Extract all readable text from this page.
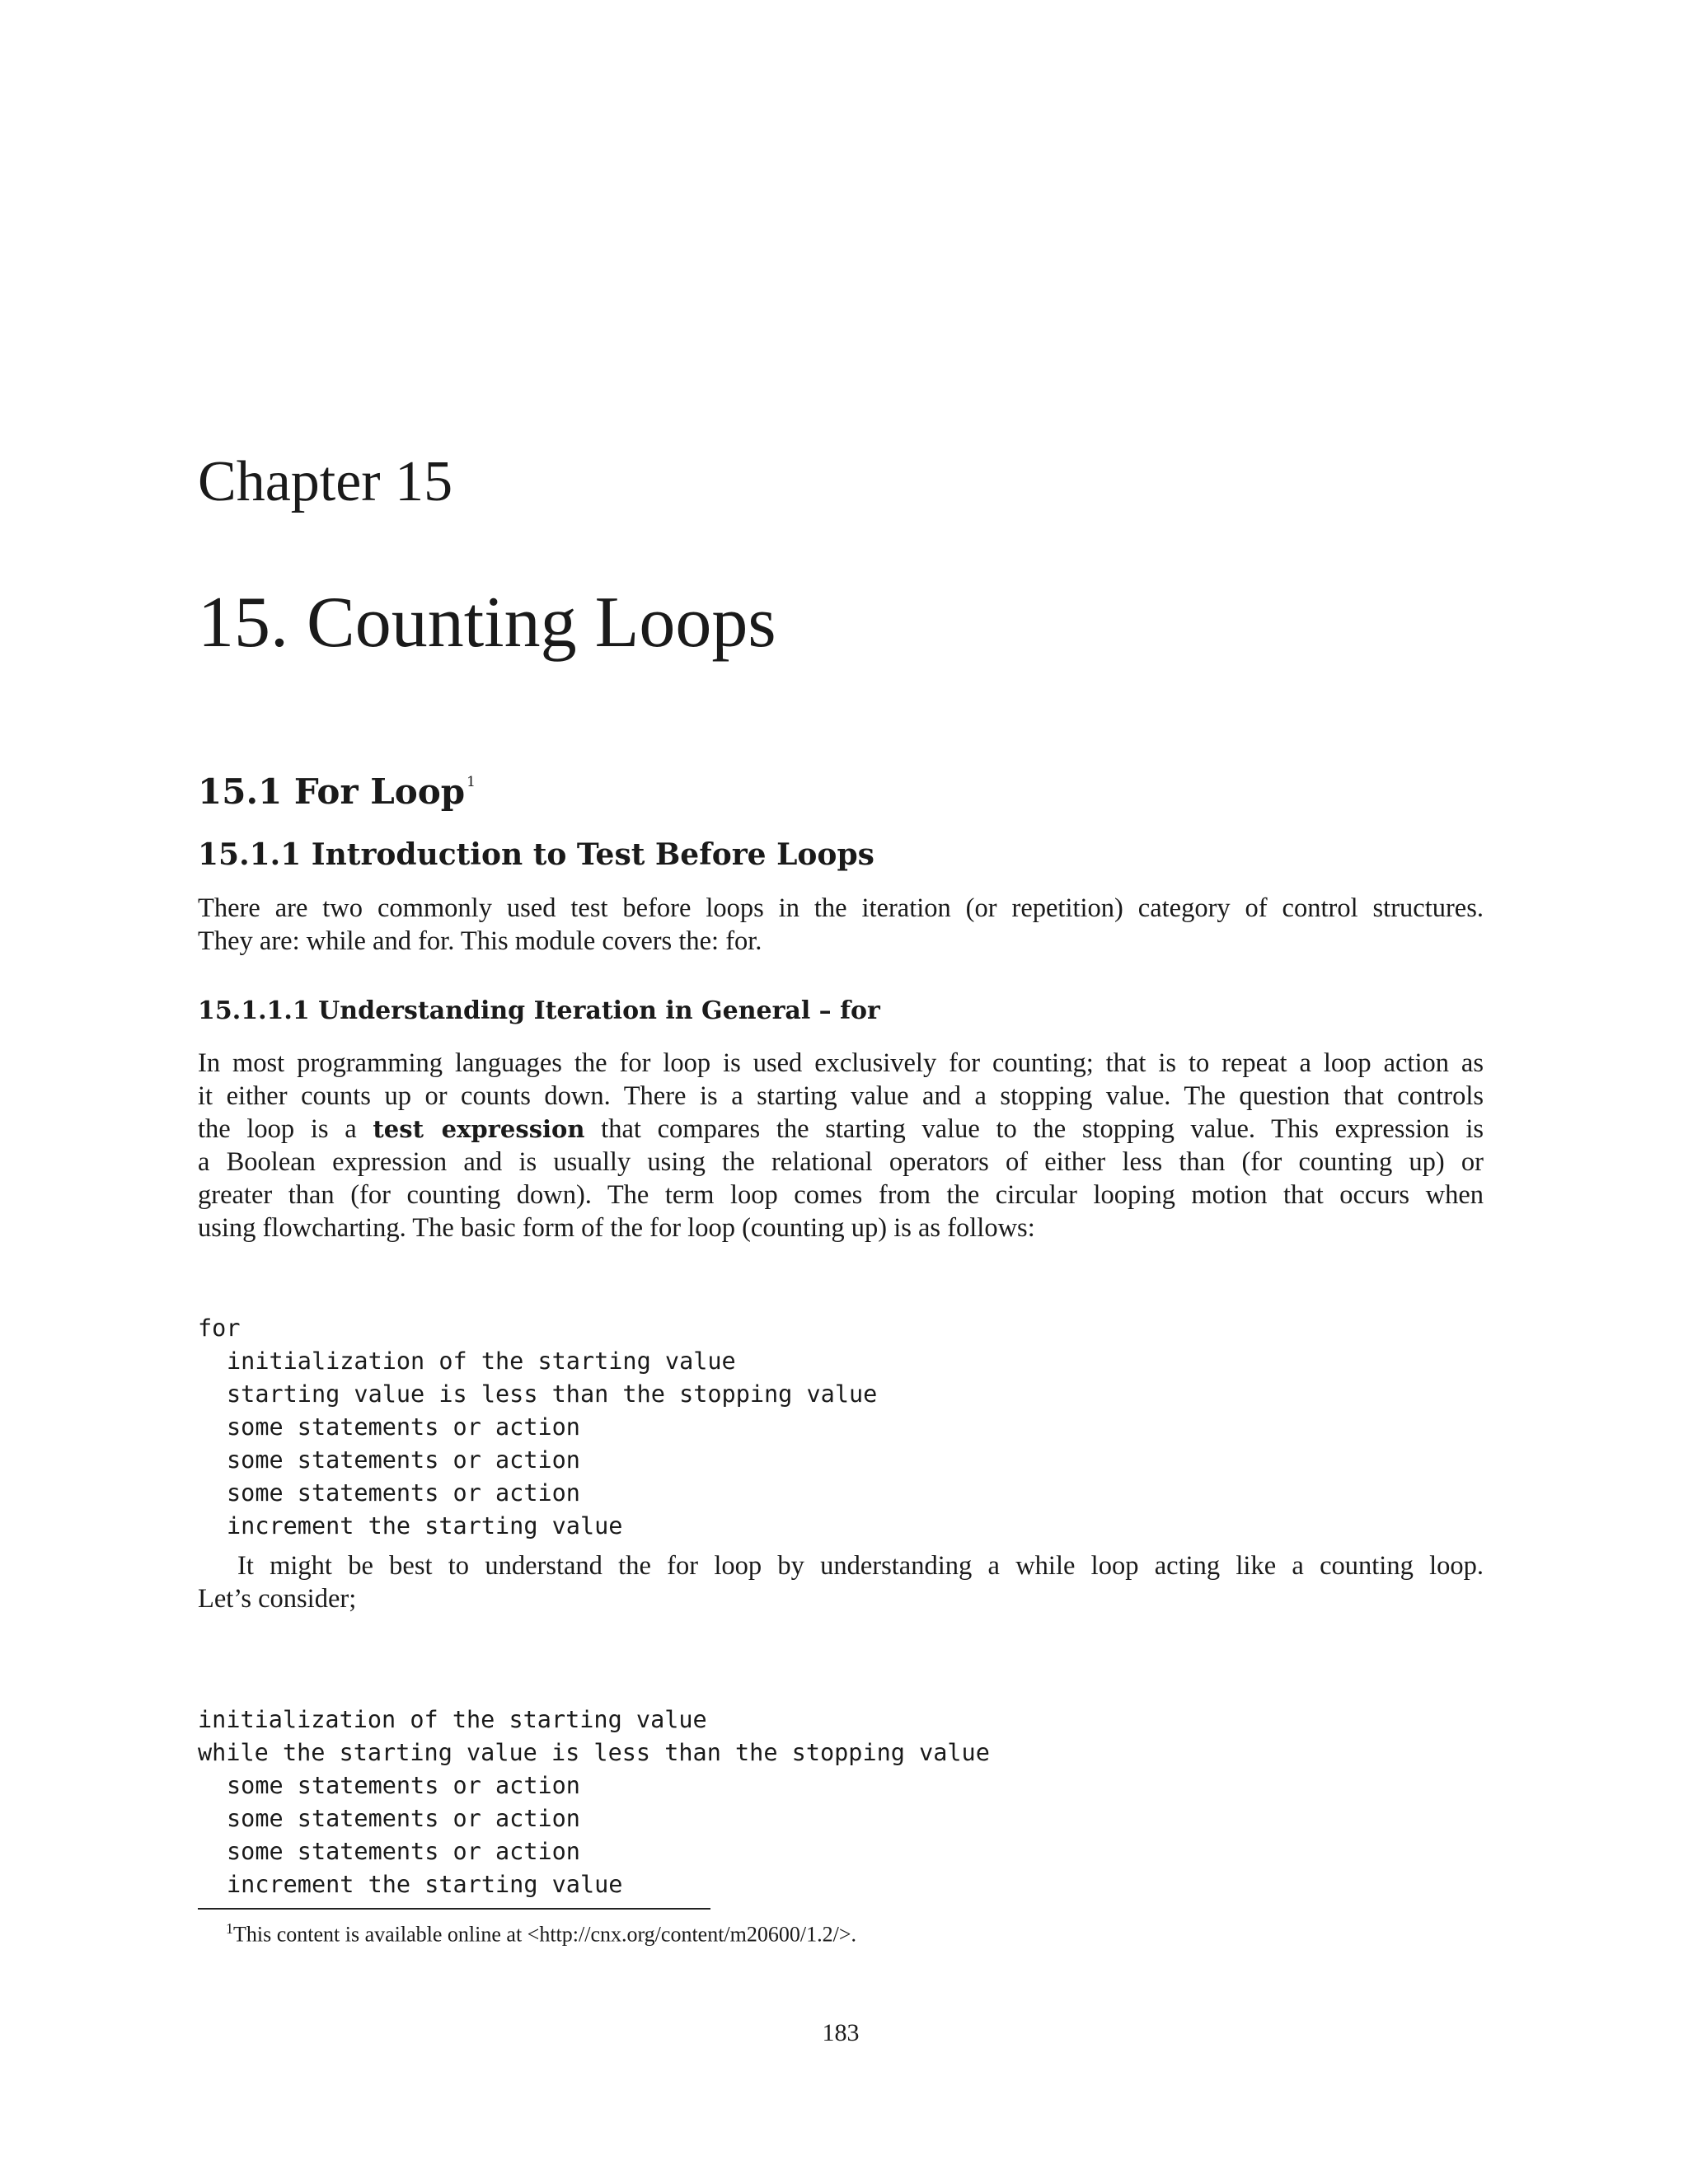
Chapter 15
15. Counting Loops
15.1 For Loop $^1$
15.1.1 Introduction to Test Before Loops

There are two commonly used test before loops in the iteration (or repetition) category of control structures.
They are: while and for. This module covers the: for.

15.1.1.1 Understanding Iteration in General – for

In most programming languages the for loop is used exclusively for counting; that is to repeat a loop action as
it either counts up or counts down. There is a starting value and a stopping value. The question that controls
the loop is a test expression that compares the starting value to the stopping value. This expression is
a Boolean expression and is usually using the relational operators of either less than (for counting up) or
greater than (for counting down). The term loop comes from the circular looping motion that occurs when
using flowcharting. The basic form of the for loop (counting up) is as follows:

for
initialization of the starting value
starting value is less than the stopping value
some statements or action
some statements or action
some statements or action
increment the starting value

It might be best to understand the for loop by understanding a while loop acting like a counting loop.
Let’s consider;

initialization of the starting value
while the starting value is less than the stopping value
some statements or action
some statements or action
some statements or action
increment the starting value
$^1$This content is available online at <http://cnx.org/content/m20600/1.2/>.
183
